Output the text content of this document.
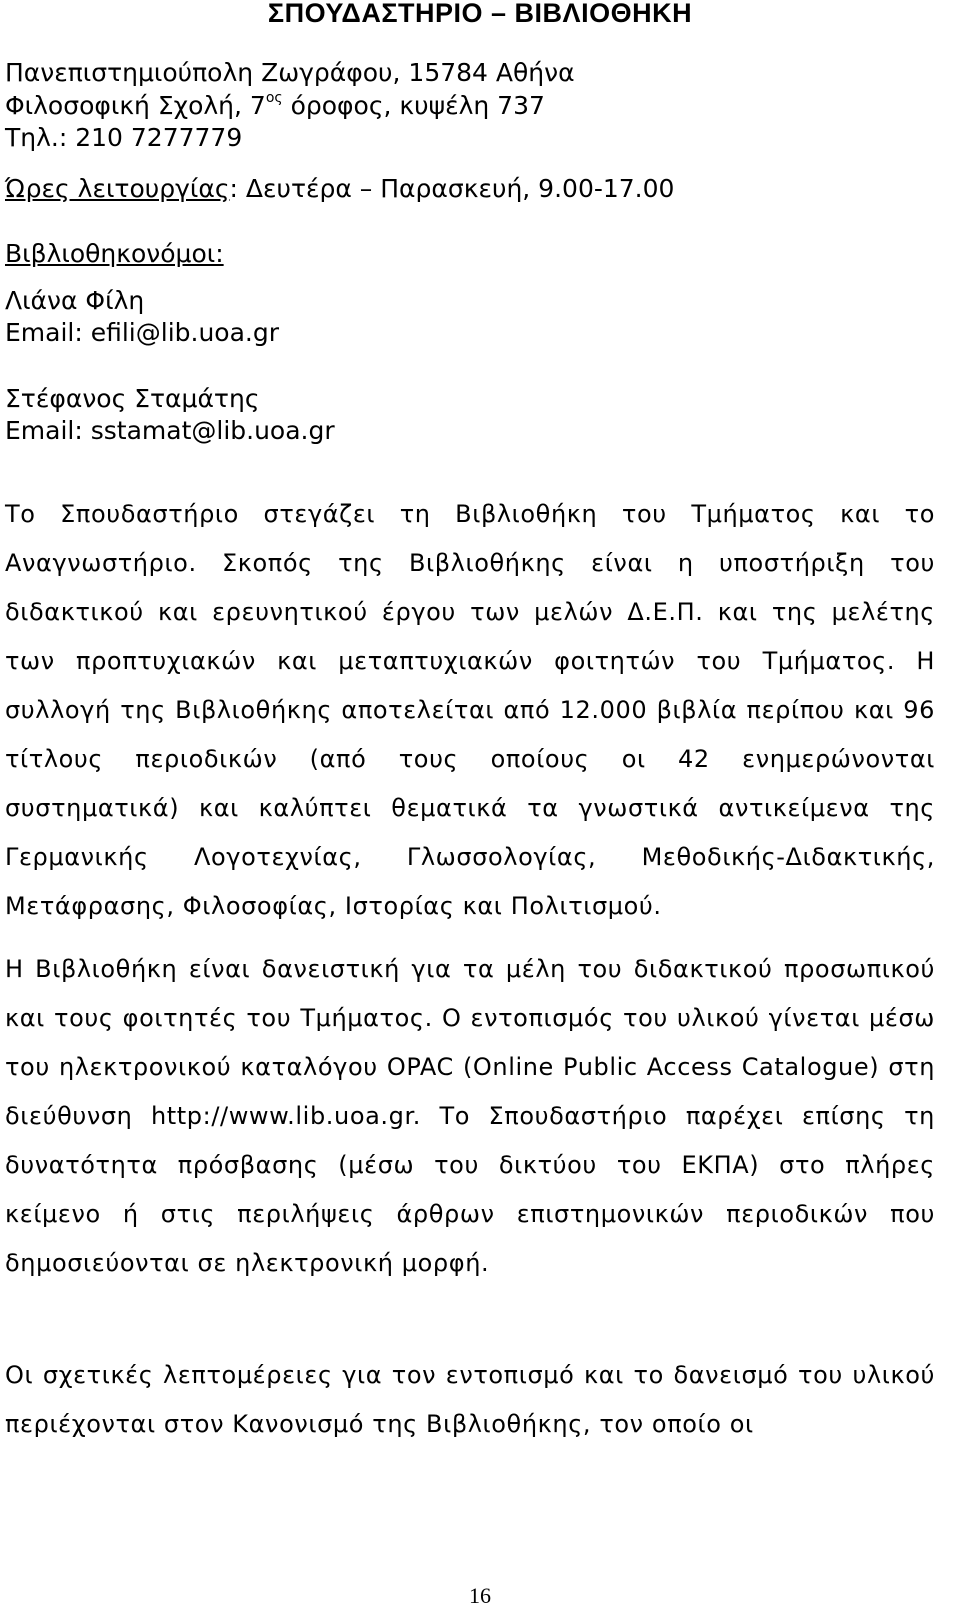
ΣΠΟΥΔΑΣΤΗΡΙΟ – ΒΙΒΛΙΟΘΗΚΗ

Πανεπιστημιούπολη Ζωγράφου, 15784 Αθήνα

Φιλοσοφική Σχολή, $7^{o\varsigma}$ όροφος, κυψέλη 737

Τηλ.: 210 7277779

Ώρες λειτουργίας: Δευτέρα – Παρασκευή, 9.00-17.00

Βιβλιοθηκονόμοι:

Λιάνα Φίλη

Email: efili@lib.uoa.gr

Στέφανος Σταμάτης

Email: sstamat@lib.uoa.gr

Το Σπουδαστήριο στεγάζει τη Βιβλιοθήκη του Τμήματος και το Αναγνωστήριο. Σκοπός της Βιβλιοθήκης είναι η υποστήριξη του διδακτικού και ερευνητικού έργου των μελών Δ.Ε.Π. και της μελέτης των προπτυχιακών και μεταπτυχιακών φοιτητών του Τμήματος. Η συλλογή της Βιβλιοθήκης αποτελείται από 12.000 βιβλία περίπου και 96 τίτλους περιοδικών (από τους οποίους οι 42 ενημερώνονται συστηματικά) και καλύπτει θεματικά τα γνωστικά αντικείμενα της Γερμανικής Λογοτεχνίας, Γλωσσολογίας, Μεθοδικής-Διδακτικής, Μετάφρασης, Φιλοσοφίας, Ιστορίας και Πολιτισμού.

Η Βιβλιοθήκη είναι δανειστική για τα μέλη του διδακτικού προσωπικού και τους φοιτητές του Τμήματος. Ο εντοπισμός του υλικού γίνεται μέσω του ηλεκτρονικού καταλόγου OPAC (Online Public Access Catalogue) στη διεύθυνση http://www.lib.uoa.gr. Το Σπουδαστήριο παρέχει επίσης τη δυνατότητα πρόσβασης (μέσω του δικτύου του ΕΚΠΑ) στο πλήρες κείμενο ή στις περιλήψεις άρθρων επιστημονικών περιοδικών που δημοσιεύονται σε ηλεκτρονική μορφή.

Οι σχετικές λεπτομέρειες για τον εντοπισμό και το δανεισμό του υλικού περιέχονται στον Κανονισμό της Βιβλιοθήκης, τον οποίο οι

16
